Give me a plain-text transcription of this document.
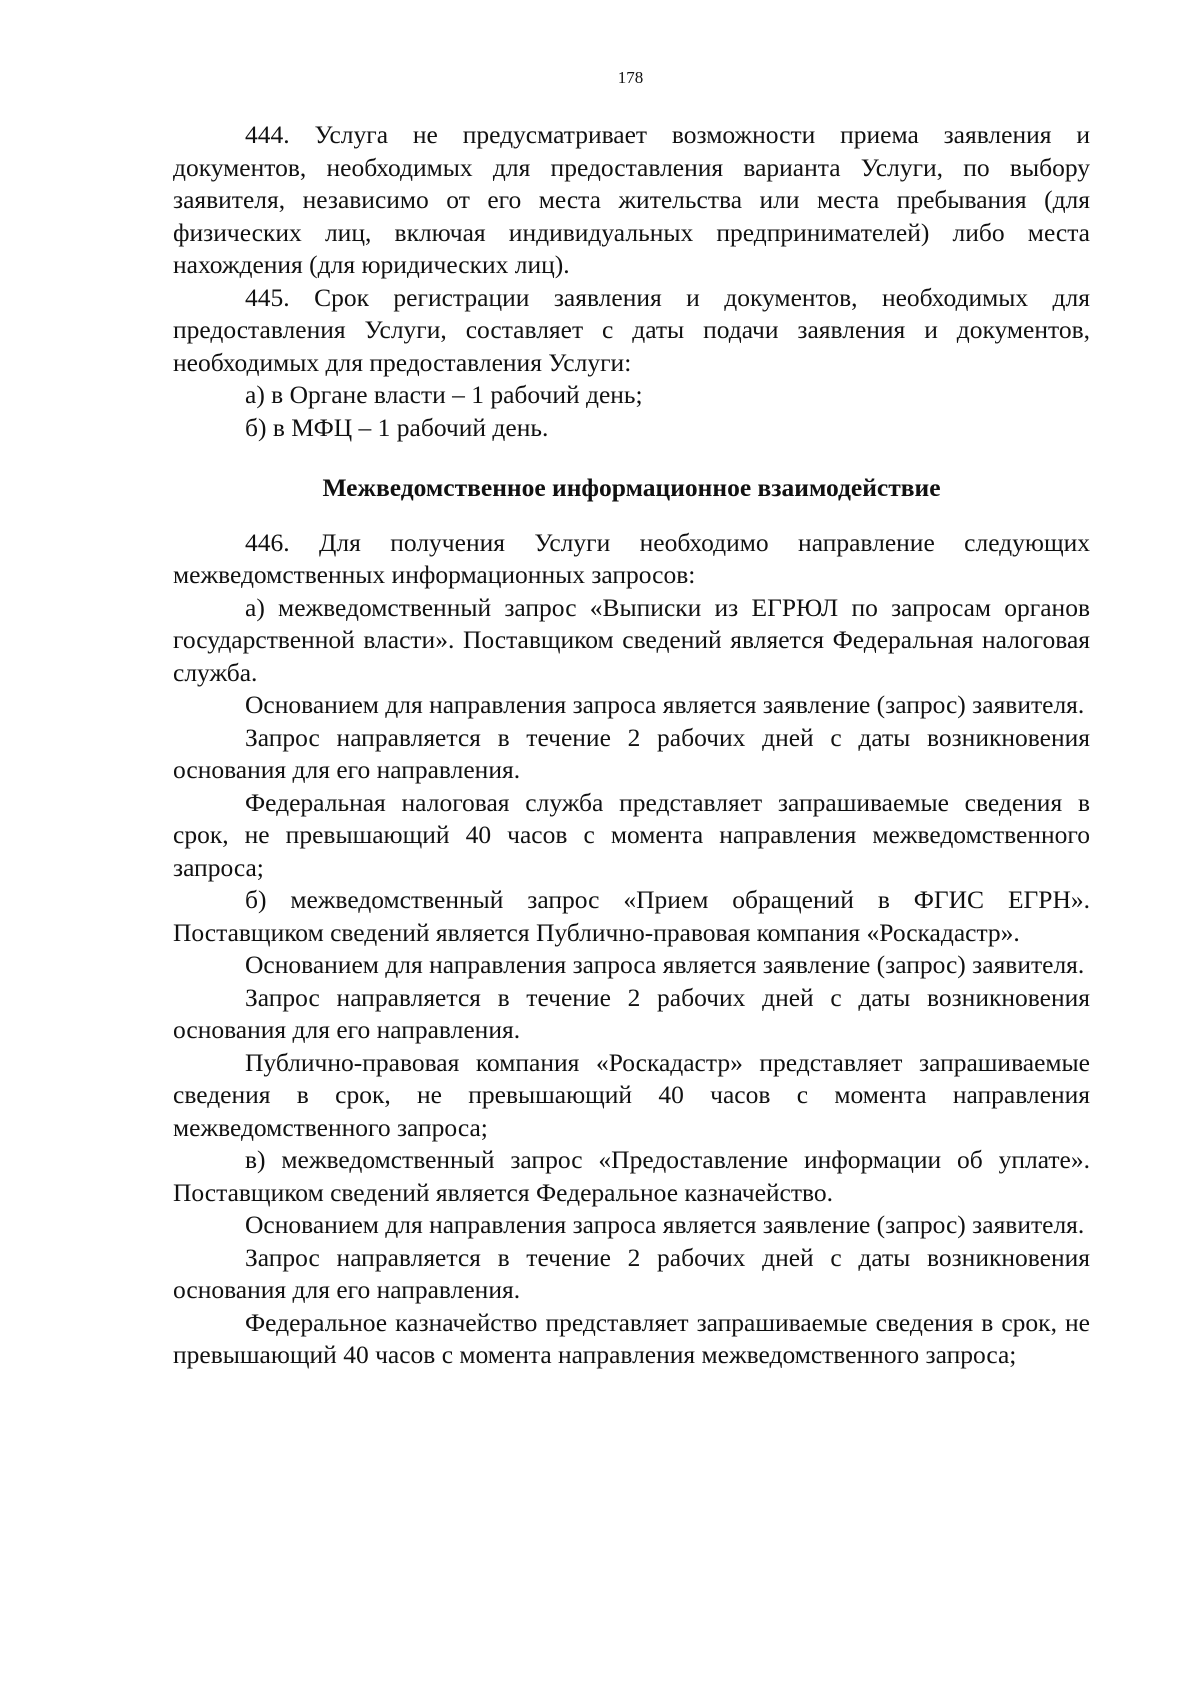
178

444. Услуга не предусматривает возможности приема заявления и документов, необходимых для предоставления варианта Услуги, по выбору заявителя, независимо от его места жительства или места пребывания (для физических лиц, включая индивидуальных предпринимателей) либо места нахождения (для юридических лиц).

445. Срок регистрации заявления и документов, необходимых для предоставления Услуги, составляет с даты подачи заявления и документов, необходимых для предоставления Услуги:

а) в Органе власти – 1 рабочий день;

б) в МФЦ – 1 рабочий день.

Межведомственное информационное взаимодействие

446. Для получения Услуги необходимо направление следующих межведомственных информационных запросов:

а) межведомственный запрос «Выписки из ЕГРЮЛ по запросам органов государственной власти». Поставщиком сведений является Федеральная налоговая служба.

Основанием для направления запроса является заявление (запрос) заявителя.

Запрос направляется в течение 2 рабочих дней с даты возникновения основания для его направления.

Федеральная налоговая служба представляет запрашиваемые сведения в срок, не превышающий 40 часов с момента направления межведомственного запроса;

б) межведомственный запрос «Прием обращений в ФГИС ЕГРН». Поставщиком сведений является Публично-правовая компания «Роскадастр».

Основанием для направления запроса является заявление (запрос) заявителя.

Запрос направляется в течение 2 рабочих дней с даты возникновения основания для его направления.

Публично-правовая компания «Роскадастр» представляет запрашиваемые сведения в срок, не превышающий 40 часов с момента направления межведомственного запроса;

в) межведомственный запрос «Предоставление информации об уплате». Поставщиком сведений является Федеральное казначейство.

Основанием для направления запроса является заявление (запрос) заявителя.

Запрос направляется в течение 2 рабочих дней с даты возникновения основания для его направления.

Федеральное казначейство представляет запрашиваемые сведения в срок, не превышающий 40 часов с момента направления межведомственного запроса;
